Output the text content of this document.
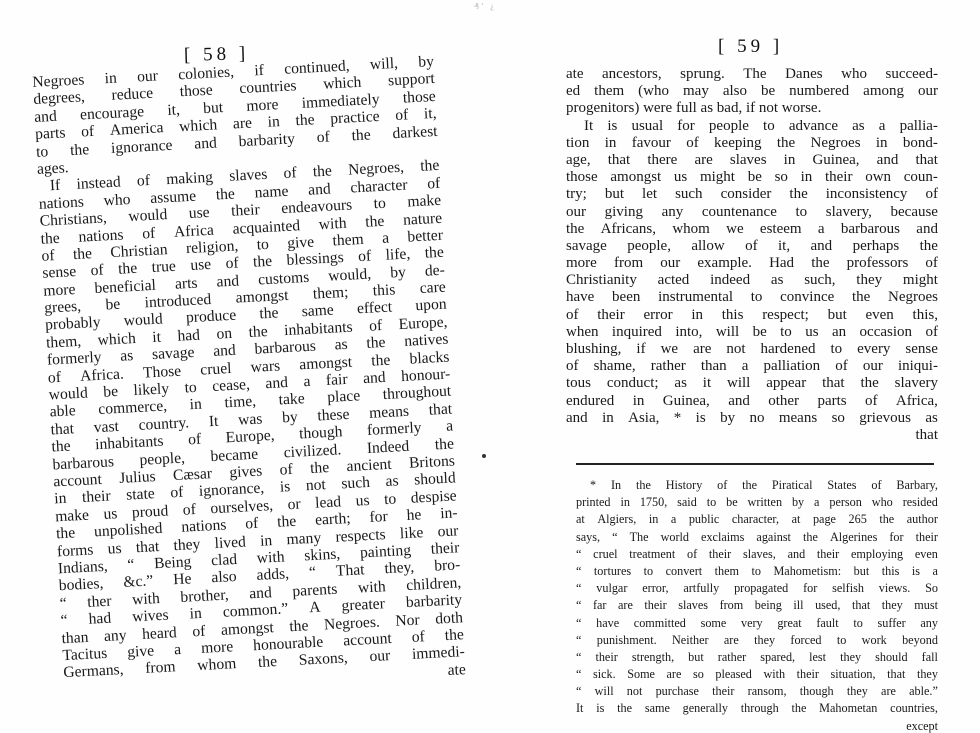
₰' ¿
[ 58 ]
Negroes in our colonies, if continued, will, by
degrees, reduce those countries which support
and encourage it, but more immediately those
parts of America which are in the practice of it,
to the ignorance and barbarity of the darkest
ages.
If instead of making slaves of the Negroes, the
nations who assume the name and character of
Christians, would use their endeavours to make
the nations of Africa acquainted with the nature
of the Christian religion, to give them a better
sense of the true use of the blessings of life, the
more beneficial arts and customs would, by de-
grees, be introduced amongst them; this care
probably would produce the same effect upon
them, which it had on the inhabitants of Europe,
formerly as savage and barbarous as the natives
of Africa. Those cruel wars amongst the blacks
would be likely to cease, and a fair and honour-
able commerce, in time, take place throughout
that vast country. It was by these means that
the inhabitants of Europe, though formerly a
barbarous people, became civilized. Indeed the
account Julius Cæsar gives of the ancient Britons
in their state of ignorance, is not such as should
make us proud of ourselves, or lead us to despise
the unpolished nations of the earth; for he in-
forms us that they lived in many respects like our
Indians, “ Being clad with skins, painting their
bodies, &c.” He also adds, “ That they, bro-
“ ther with brother, and parents with children,
“ had wives in common.” A greater barbarity
than any heard of amongst the Negroes. Nor doth
Tacitus give a more honourable account of the
Germans, from whom the Saxons, our immedi-
ate
[ 59 ]
ate ancestors, sprung. The Danes who succeed-
ed them (who may also be numbered among our
progenitors) were full as bad, if not worse.
It is usual for people to advance as a pallia-
tion in favour of keeping the Negroes in bond-
age, that there are slaves in Guinea, and that
those amongst us might be so in their own coun-
try; but let such consider the inconsistency of
our giving any countenance to slavery, because
the Africans, whom we esteem a barbarous and
savage people, allow of it, and perhaps the
more from our example. Had the professors of
Christianity acted indeed as such, they might
have been instrumental to convince the Negroes
of their error in this respect; but even this,
when inquired into, will be to us an occasion of
blushing, if we are not hardened to every sense
of shame, rather than a palliation of our iniqui-
tous conduct; as it will appear that the slavery
endured in Guinea, and other parts of Africa,
and in Asia, * is by no means so grievous as
that
* In the History of the Piratical States of Barbary,
printed in 1750, said to be written by a person who resided
at Algiers, in a public character, at page 265 the author
says, “ The world exclaims against the Algerines for their
“ cruel treatment of their slaves, and their employing even
“ tortures to convert them to Mahometism: but this is a
“ vulgar error, artfully propagated for selfish views. So
“ far are their slaves from being ill used, that they must
“ have committed some very great fault to suffer any
“ punishment. Neither are they forced to work beyond
“ their strength, but rather spared, lest they should fall
“ sick. Some are so pleased with their situation, that they
“ will not purchase their ransom, though they are able.”
It is the same generally through the Mahometan countries,
except
